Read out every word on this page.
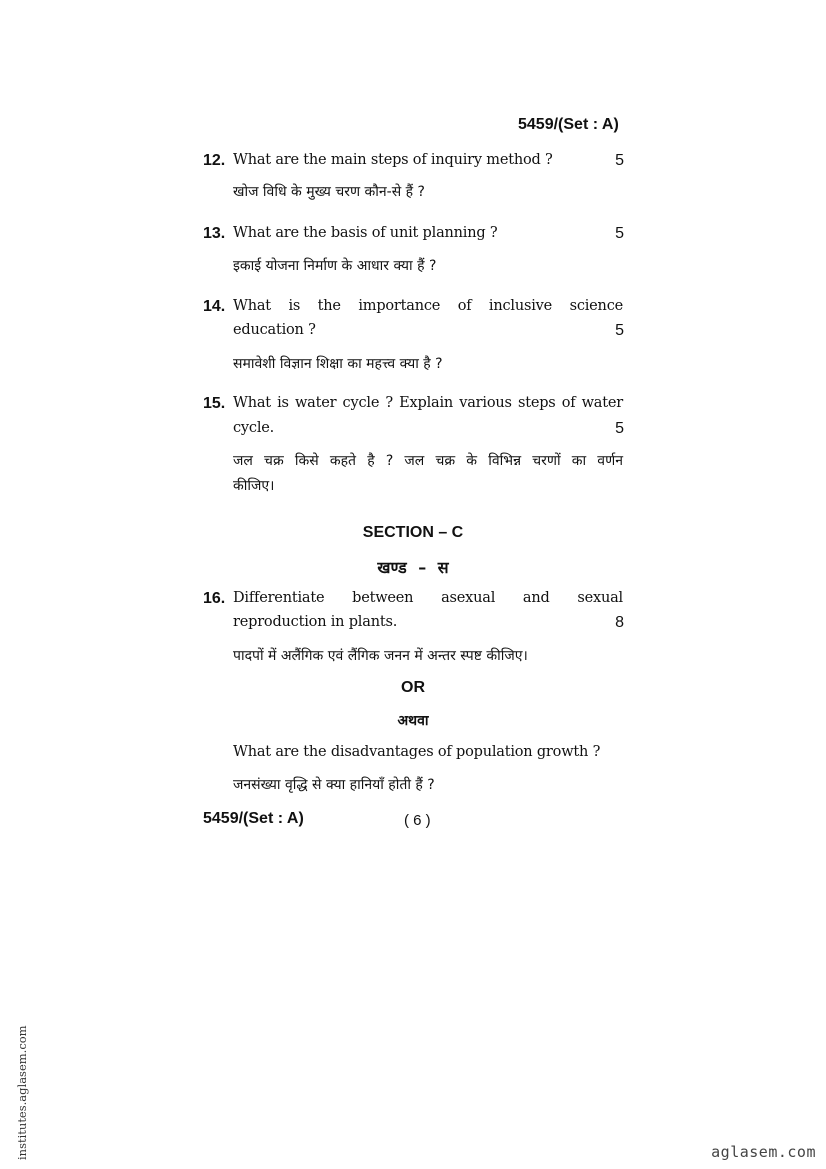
5459/(Set : A)
12. What are the main steps of inquiry method ?	5
खोज विधि के मुख्य चरण कौन-से हैं ?
13. What are the basis of unit planning ?	5
इकाई योजना निर्माण के आधार क्या हैं ?
14. What is the importance of inclusive science
education ?	5
समावेशी विज्ञान शिक्षा का महत्त्व क्या है ?
15. What is water cycle ? Explain various steps of water
cycle.	5
जल चक्र किसे कहते है ? जल चक्र के विभिन्न चरणों का वर्णन
कीजिए।
SECTION – C
खण्ड – स
16. Differentiate between asexual and sexual
reproduction in plants.	8
पादपों में अलैंगिक एवं लैंगिक जनन में अन्तर स्पष्ट कीजिए।
OR
अथवा
What are the disadvantages of population growth ?
जनसंख्या वृद्धि से क्या हानियाँ होती हैं ?
5459/(Set : A)	( 6 )
institutes.aglasem.com	aglasem.com
